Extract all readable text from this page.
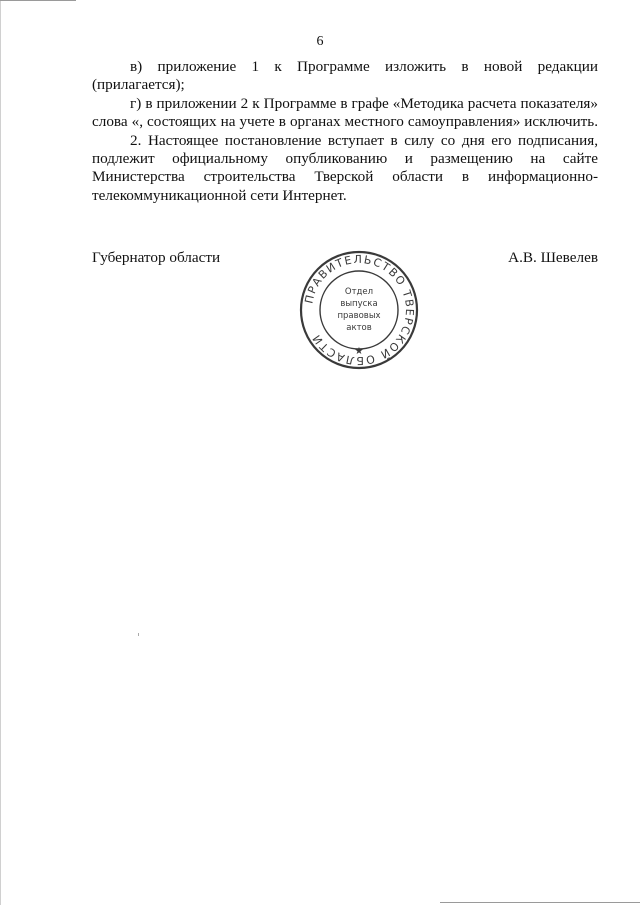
6

в) приложение 1 к Программе изложить в новой редакции
(прилагается);

г) в приложении 2 к Программе в графе «Методика расчета показателя»
слова «, состоящих на учете в органах местного самоуправления» исключить.

2. Настоящее постановление вступает в силу со дня его подписания,
подлежит официальному опубликованию и размещению на сайте
Министерства строительства Тверской области в информационно-
телекоммуникационной сети Интернет.

Губернатор области	А.В. Шевелев
ПРАВИТЕЛЬСТВО ТВЕРСКОЙ ОБЛАСТИ
Отдел
выпуска
правовых
актов
★
